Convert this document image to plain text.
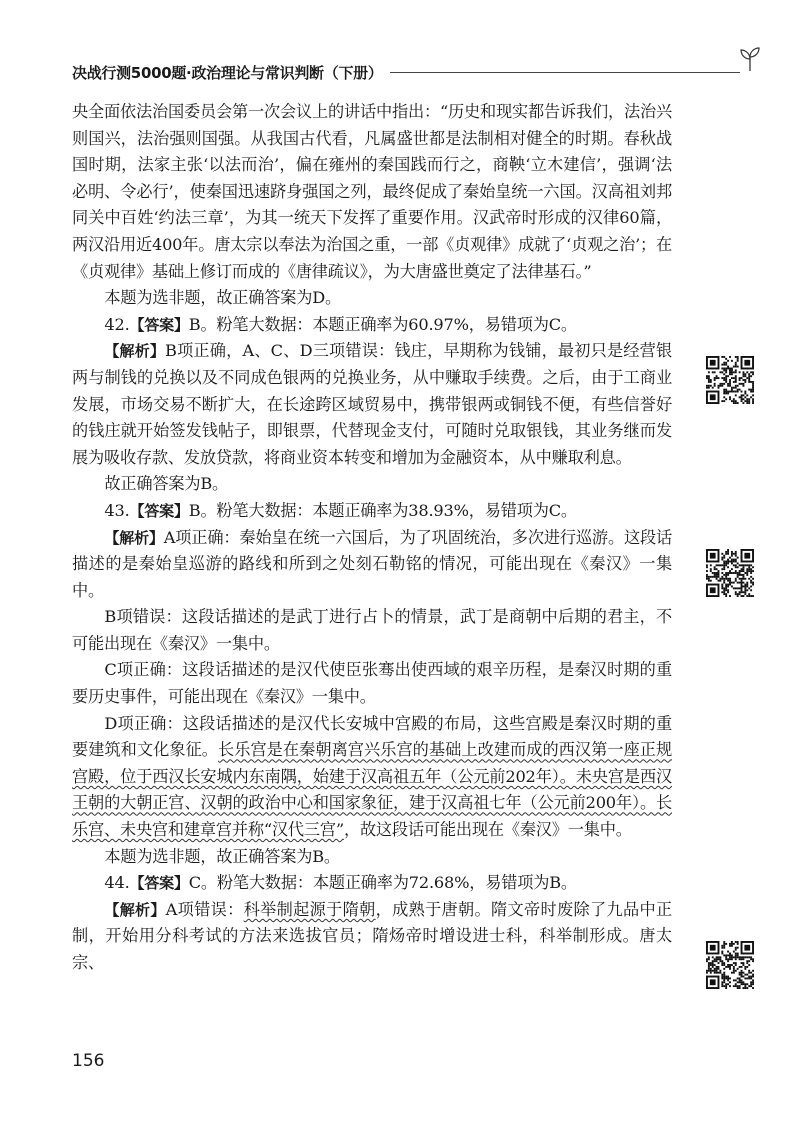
决战行测5000题·政治理论与常识判断（下册）

央全面依法治国委员会第一次会议上的讲话中指出：“历史和现实都告诉我们，法治兴则国兴，法治强则国强。从我国古代看，凡属盛世都是法制相对健全的时期。春秋战国时期，法家主张‘以法而治’，偏在雍州的秦国践而行之，商鞅‘立木建信’，强调‘法必明、令必行’，使秦国迅速跻身强国之列，最终促成了秦始皇统一六国。汉高祖刘邦同关中百姓‘约法三章’，为其一统天下发挥了重要作用。汉武帝时形成的汉律60篇，两汉沿用近400年。唐太宗以奉法为治国之重，一部《贞观律》成就了‘贞观之治’；在《贞观律》基础上修订而成的《唐律疏议》，为大唐盛世奠定了法律基石。”

本题为选非题，故正确答案为D。

42.【答案】B。粉笔大数据：本题正确率为60.97%，易错项为C。

【解析】B项正确，A、C、D三项错误：钱庄，早期称为钱铺，最初只是经营银两与制钱的兑换以及不同成色银两的兑换业务，从中赚取手续费。之后，由于工商业发展，市场交易不断扩大，在长途跨区域贸易中，携带银两或铜钱不便，有些信誉好的钱庄就开始签发钱帖子，即银票，代替现金支付，可随时兑取银钱，其业务继而发展为吸收存款、发放贷款，将商业资本转变和增加为金融资本，从中赚取利息。

故正确答案为B。

43.【答案】B。粉笔大数据：本题正确率为38.93%，易错项为C。

【解析】A项正确：秦始皇在统一六国后，为了巩固统治，多次进行巡游。这段话描述的是秦始皇巡游的路线和所到之处刻石勒铭的情况，可能出现在《秦汉》一集中。

B项错误：这段话描述的是武丁进行占卜的情景，武丁是商朝中后期的君主，不可能出现在《秦汉》一集中。

C项正确：这段话描述的是汉代使臣张骞出使西域的艰辛历程，是秦汉时期的重要历史事件，可能出现在《秦汉》一集中。

D项正确：这段话描述的是汉代长安城中宫殿的布局，这些宫殿是秦汉时期的重要建筑和文化象征。长乐宫是在秦朝离宫兴乐宫的基础上改建而成的西汉第一座正规宫殿，位于西汉长安城内东南隅，始建于汉高祖五年（公元前202年）。未央宫是西汉王朝的大朝正宫、汉朝的政治中心和国家象征，建于汉高祖七年（公元前200年）。长乐宫、未央宫和建章宫并称“汉代三宫”，故这段话可能出现在《秦汉》一集中。

本题为选非题，故正确答案为B。

44.【答案】C。粉笔大数据：本题正确率为72.68%，易错项为B。

【解析】A项错误：科举制起源于隋朝，成熟于唐朝。隋文帝时废除了九品中正制，开始用分科考试的方法来选拔官员；隋炀帝时增设进士科，科举制形成。唐太宗、

156
